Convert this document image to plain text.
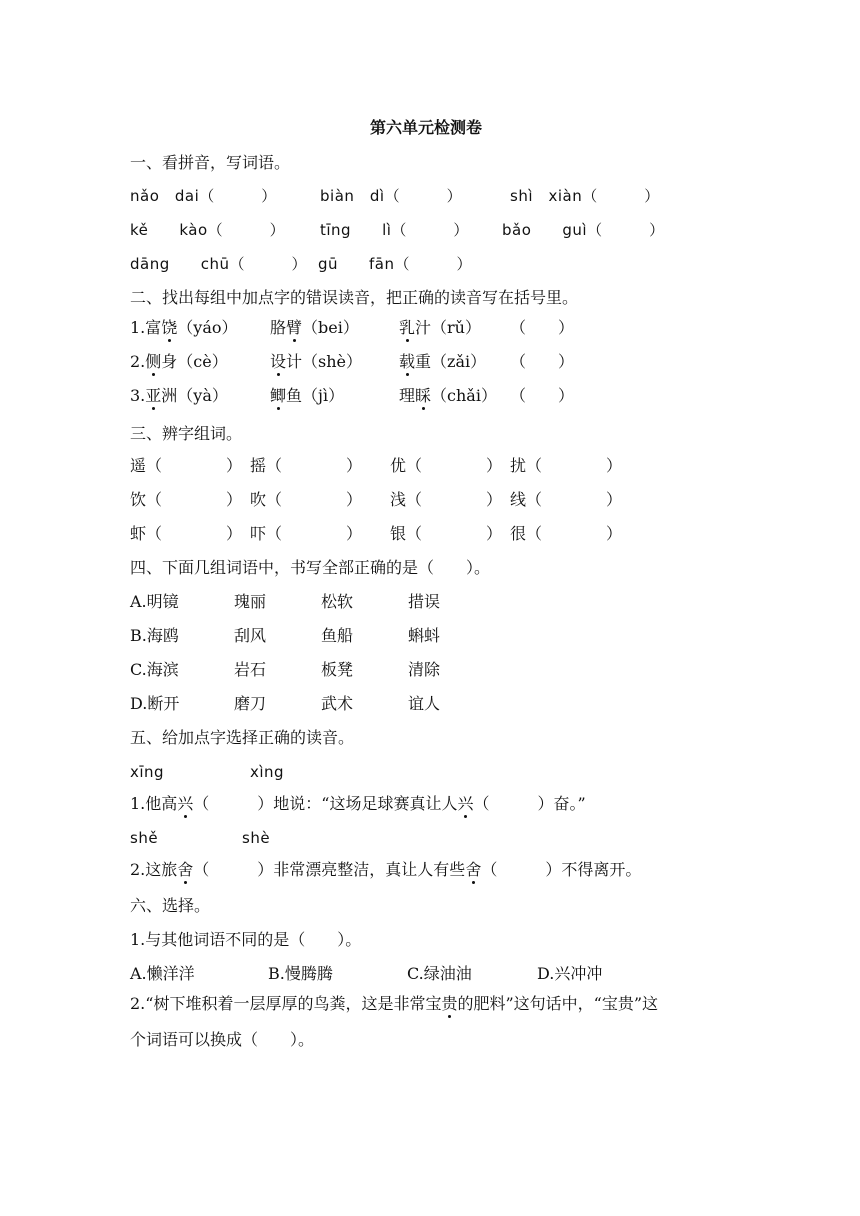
第六单元检测卷
一、看拼音，写词语。
nǎo　dai（　　　）	biàn　dì（　　　）	shì　xiàn（　　　）
kě　　kào（　　　） tīng　　lì（　　　） bǎo　　guì（　　　）
dāng　　chū（　　　） gū　　fān（　　　）
二、找出每组中加点字的错误读音，把正确的读音写在括号里。
1.富饶（yáo） 胳臂（bei）	乳汁（rǔ） （　　）
2.侧身（cè）	设计（shè） 载重（zǎi） （　　）
3.亚洲（yà）	鲫鱼（jì）	理睬（chǎi） （　　）
三、辨字组词。
遥（　　　　） 摇（　　　　） 优（　　　　） 扰（　　　　）
饮（　　　　） 吹（　　　　） 浅（　　　　） 线（　　　　）
虾（　　　　） 吓（　　　　） 银（　　　　） 很（　　　　）
四、下面几组词语中，书写全部正确的是（　　）。
A.明镜	瑰丽	松软	措误
B.海鸥	刮风	鱼船	蝌蚪
C.海滨	岩石	板凳	清除
D.断开	磨刀	武术	谊人
五、给加点字选择正确的读音。
xīng	xìng
1.他高兴（　　　）地说：“这场足球赛真让人兴（　　　）奋。”
shě	shè
2.这旅舍（　　　）非常漂亮整洁，真让人有些舍（　　　）不得离开。
六、选择。
1.与其他词语不同的是（　　）。
A.懒洋洋	B.慢腾腾	C.绿油油	D.兴冲冲
2.“树下堆积着一层厚厚的鸟粪，这是非常宝贵的肥料”这句话中，“宝贵”这
个词语可以换成（　　）。
